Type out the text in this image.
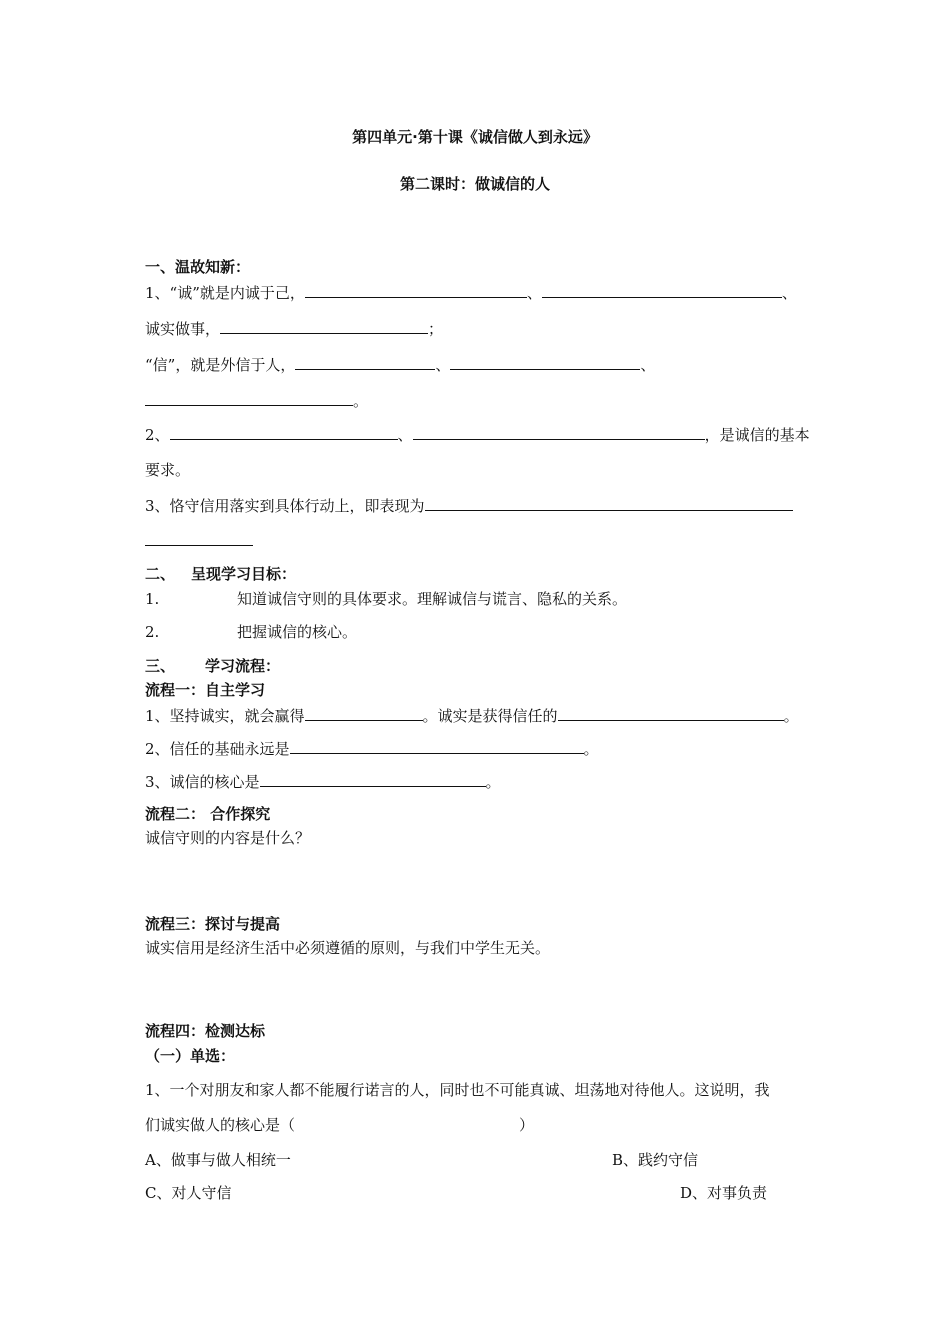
第四单元·第十课《诚信做人到永远》
第二课时：做诚信的人
一、温故知新：
1、“诚”就是内诚于己，	、	、
诚实做事，	；
“信”，就是外信于人，	、	、
。
2、	、	，是诚信的基本
要求。
3、恪守信用落实到具体行动上，即表现为
二、 呈现学习目标：
1.	知道诚信守则的具体要求。理解诚信与谎言、隐私的关系。
2.	把握诚信的核心。
三、 学习流程：
流程一：自主学习
1、坚持诚实，就会赢得	。诚实是获得信任的	。
2、信任的基础永远是	。
3、诚信的核心是	。
流程二： 合作探究
诚信守则的内容是什么？
流程三：探讨与提高
诚实信用是经济生活中必须遵循的原则，与我们中学生无关。
流程四：检测达标
（一）单选：
1、一个对朋友和家人都不能履行诺言的人，同时也不可能真诚、坦荡地对待他人。这说明，我
们诚实做人的核心是（	）
A、做事与做人相统一	B、践约守信
C、对人守信	D、对事负责
